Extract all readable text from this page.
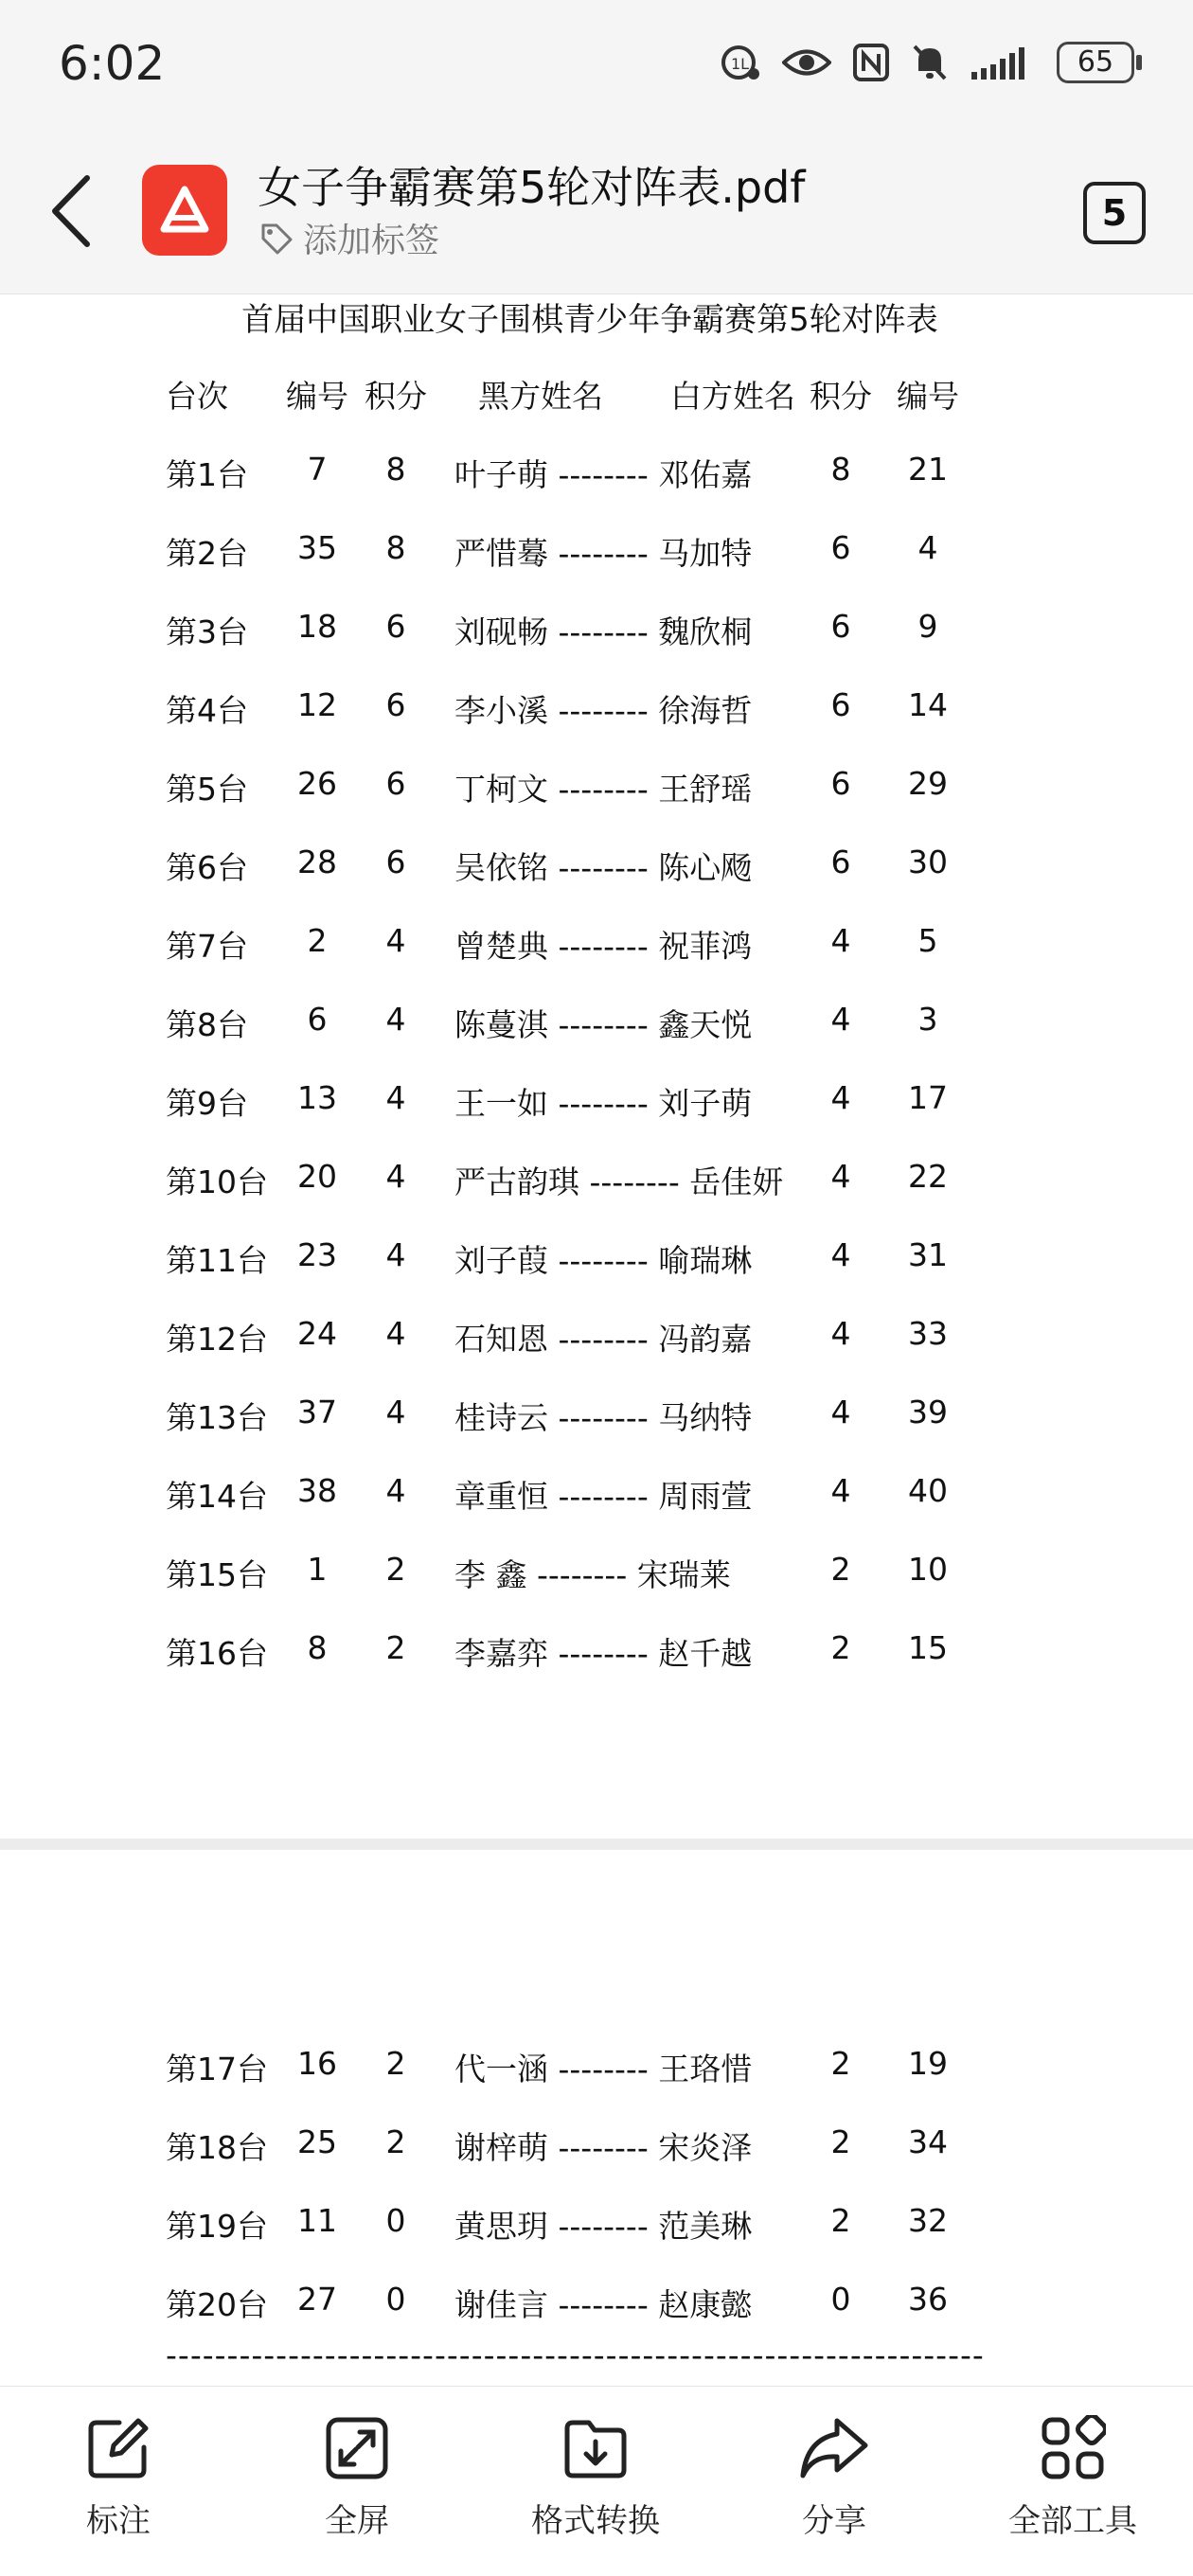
6:02	1L	65
女子争霸赛第5轮对阵表.pdf
添加标签
5
首届中国职业女子围棋青少年争霸赛第5轮对阵表
台次	编号 积分 黑方姓名 白方姓名 积分 编号
第1台	7	8	叶子萌 -------- 邓佑嘉	8	21
第2台	35	8	严惜蓦 -------- 马加特	6	4
第3台	18	6	刘砚畅 -------- 魏欣桐	6	9
第4台	12	6	李小溪 -------- 徐海哲	6	14
第5台	26	6	丁柯文 -------- 王舒瑶	6	29
第6台	28	6	吴依铭 -------- 陈心飏	6	30
第7台	2	4	曾楚典 -------- 祝菲鸿	4	5
第8台	6	4	陈蔓淇 -------- 鑫天悦	4	3
第9台	13	4	王一如 -------- 刘子萌	4	17
第10台 20	4	严古韵琪 -------- 岳佳妍	4	22
第11台 23	4	刘子葭 -------- 喻瑞琳	4	31
第12台 24	4	石知恩 -------- 冯韵嘉	4	33
第13台 37	4	桂诗云 -------- 马纳特	4	39
第14台 38	4	章重恒 -------- 周雨萱	4	40
第15台	1	2	李 鑫 -------- 宋瑞莱	2	10
第16台	8	2	李嘉弈 -------- 赵千越	2	15
第17台 16	2	代一涵 -------- 王珞惜	2	19
第18台 25	2	谢梓萌 -------- 宋炎泽	2	34
第19台 11	0	黄思玥 -------- 范美琳	2	32
第20台 27	0	谢佳言 -------- 赵康懿	0	36
-------------------------------------------------------------------
标注	全屏	格式转换	分享	全部工具
